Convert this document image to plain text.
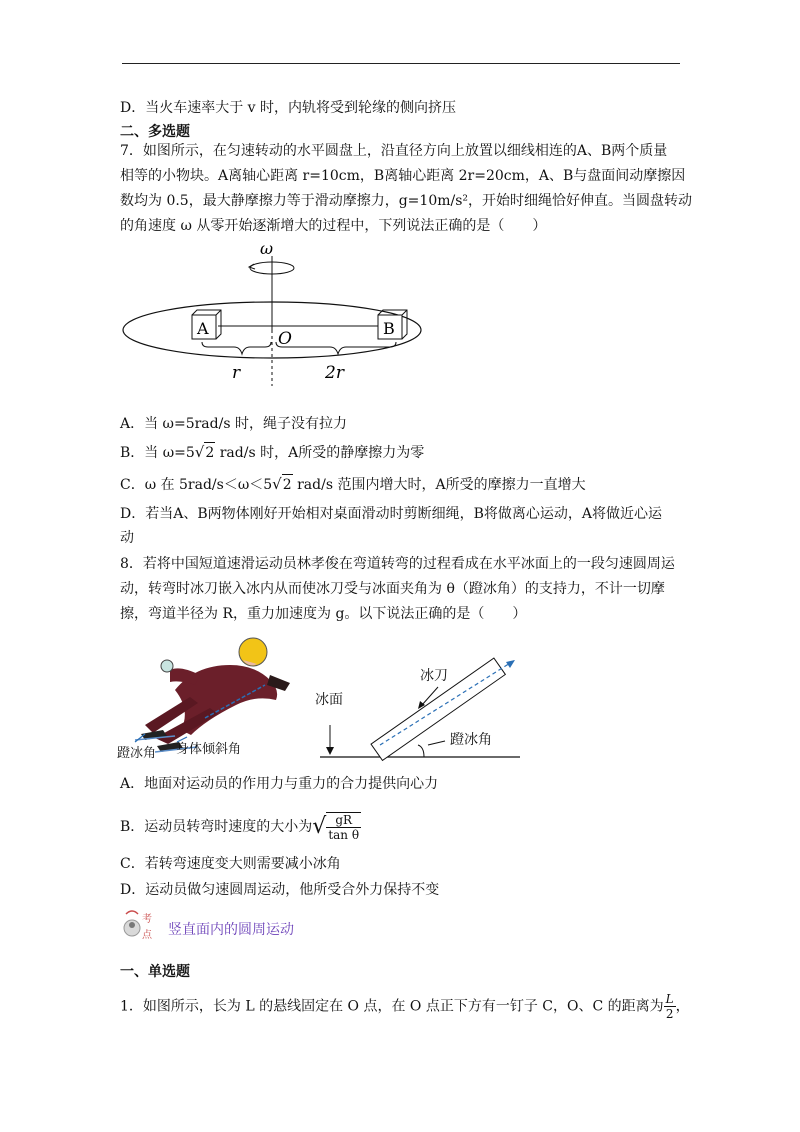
D．当火车速率大于 v 时，内轨将受到轮缘的侧向挤压
二、多选题
7．如图所示，在匀速转动的水平圆盘上，沿直径方向上放置以细线相连的A、B两个质量
相等的小物块。A离轴心距离 r=10cm，B离轴心距离 2r=20cm，A、B与盘面间动摩擦因
数均为 0.5，最大静摩擦力等于滑动摩擦力，g=10m/s²，开始时细绳恰好伸直。当圆盘转动
的角速度 ω 从零开始逐渐增大的过程中，下列说法正确的是（　　）
ω
A	B
O
r	2r
A．当 ω=5rad/s 时，绳子没有拉力
B．当 ω=5√2 rad/s 时，A所受的静摩擦力为零
C．ω 在 5rad/s＜ω＜5√2 rad/s 范围内增大时，A所受的摩擦力一直增大
D．若当A、B两物体刚好开始相对桌面滑动时剪断细绳，B将做离心运动，A将做近心运
动
8．若将中国短道速滑运动员林孝俊在弯道转弯的过程看成在水平冰面上的一段匀速圆周运
动，转弯时冰刀嵌入冰内从而使冰刀受与冰面夹角为 θ（蹬冰角）的支持力，不计一切摩
擦，弯道半径为 R，重力加速度为 g。以下说法正确的是（　　）
蹬冰角 身体倾斜角
冰面
冰刀
蹬冰角
A．地面对运动员的作用力与重力的合力提供向心力
B．运动员转弯时速度的大小为√ $\frac{gR}{\text{tan θ}}$
C．若转弯速度变大则需要减小冰角
D．运动员做匀速圆周运动，他所受合外力保持不变
考
点 竖直面内的圆周运动
一、单选题
1．如图所示，长为 L 的悬线固定在 O 点，在 O 点正下方有一钉子 C，O、C 的距离为 $\frac{L}{2}$ ，
